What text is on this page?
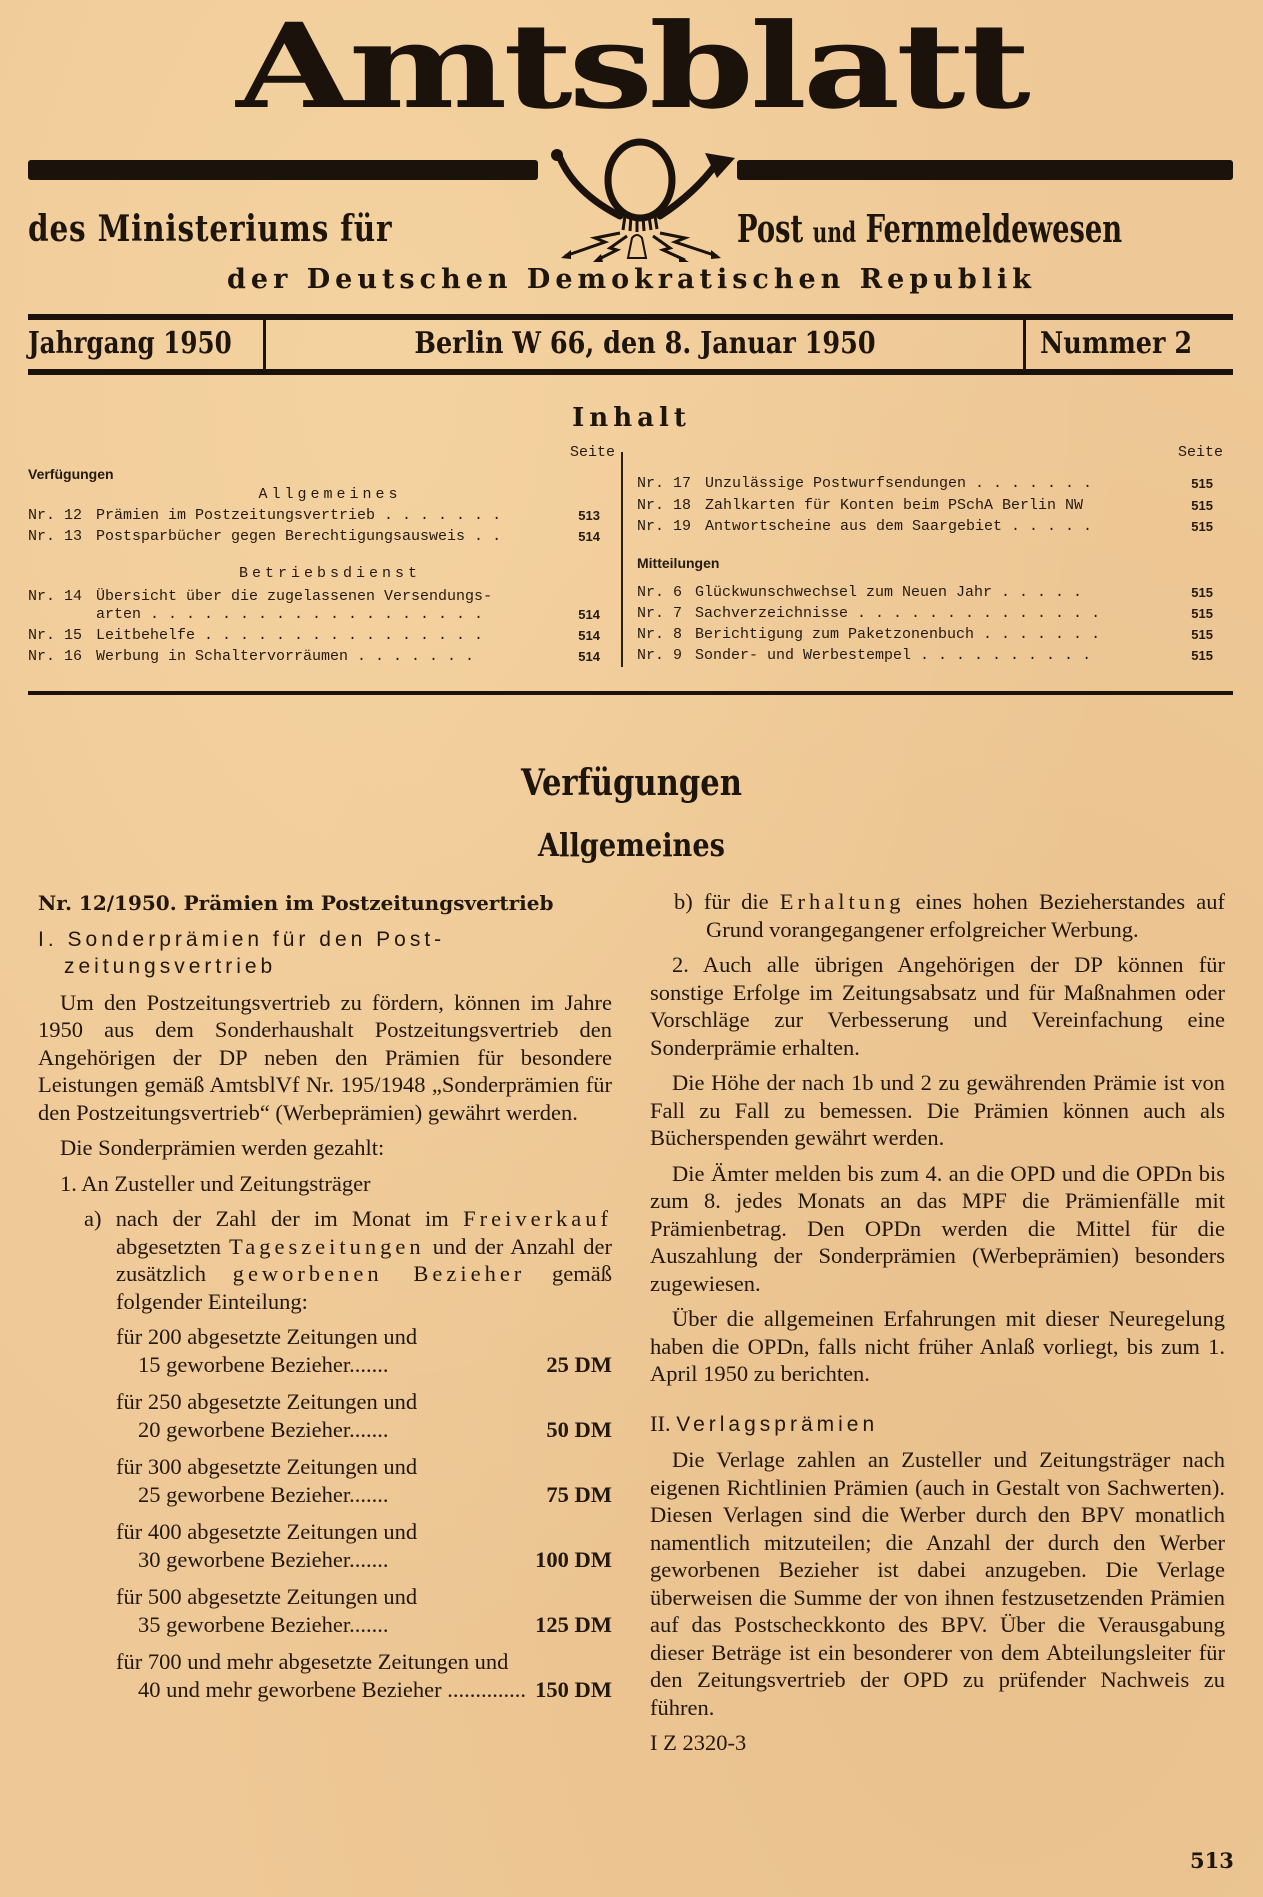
Amtsblatt
des Ministeriums für	Post und Fernmeldewesen
der Deutschen Demokratischen Republik
Jahrgang 1950	Berlin W 66, den 8. Januar 1950	Nummer 2
Inhalt
Seite	Seite
Verfügungen
Allgemeines
Nr. 12 Prämien im Postzeitungsvertrieb . . . . . . .	513
Nr. 13 Postsparbücher gegen Berechtigungsausweis . .	514
Betriebsdienst
Nr. 14 Übersicht über die zugelassenen Versendungs-
arten . . . . . . . . . . . . . . . . . . .	514
Nr. 15 Leitbehelfe . . . . . . . . . . . . . . . .	514
Nr. 16 Werbung in Schaltervorräumen . . . . . . .	514
Nr. 17 Unzulässige Postwurfsendungen . . . . . . .	515
Nr. 18 Zahlkarten für Konten beim PSchA Berlin NW	515
Nr. 19 Antwortscheine aus dem Saargebiet . . . . .	515
Mitteilungen
Nr. 6 Glückwunschwechsel zum Neuen Jahr . . . . .	515
Nr. 7 Sachverzeichnisse . . . . . . . . . . . . . .	515
Nr. 8 Berichtigung zum Paketzonenbuch . . . . . . .	515
Nr. 9 Sonder- und Werbestempel . . . . . . . . . .	515
Verfügungen
Allgemeines

Nr. 12/1950. Prämien im Postzeitungsvertrieb

I. Sonderprämien für den Post-

zeitungsvertrieb

Um den Postzeitungsvertrieb zu fördern, können im Jahre 1950 aus dem Sonderhaushalt Postzeitungsvertrieb den Angehörigen der DP neben den Prämien für besondere Leistungen gemäß AmtsblVf Nr. 195/1948 „Sonderprämien für den Postzeitungsvertrieb“ (Werbeprämien) gewährt werden.

Die Sonderprämien werden gezahlt:

1. An Zusteller und Zeitungsträger

a) nach der Zahl der im Monat im Freiverkauf abgesetzten Tageszeitungen und der Anzahl der zusätzlich geworbenen Bezieher gemäß folgender Einteilung:

für 200 abgesetzte Zeitungen und
15 geworbene Bezieher.......	25 DM
für 250 abgesetzte Zeitungen und
20 geworbene Bezieher.......	50 DM
für 300 abgesetzte Zeitungen und
25 geworbene Bezieher.......	75 DM
für 400 abgesetzte Zeitungen und
30 geworbene Bezieher.......	100 DM
für 500 abgesetzte Zeitungen und
35 geworbene Bezieher.......	125 DM
für 700 und mehr abgesetzte Zeitungen und 40 und mehr geworbene Bezieher .............. 150 DM

b) für die Erhaltung eines hohen Bezieherstandes auf Grund vorangegangener erfolgreicher Werbung.

2. Auch alle übrigen Angehörigen der DP können für sonstige Erfolge im Zeitungsabsatz und für Maßnahmen oder Vorschläge zur Verbesserung und Vereinfachung eine Sonderprämie erhalten.

Die Höhe der nach 1b und 2 zu gewährenden Prämie ist von Fall zu Fall zu bemessen. Die Prämien können auch als Bücherspenden gewährt werden.

Die Ämter melden bis zum 4. an die OPD und die OPDn bis zum 8. jedes Monats an das MPF die Prämienfälle mit Prämienbetrag. Den OPDn werden die Mittel für die Auszahlung der Sonderprämien (Werbeprämien) besonders zugewiesen.

Über die allgemeinen Erfahrungen mit dieser Neuregelung haben die OPDn, falls nicht früher Anlaß vorliegt, bis zum 1. April 1950 zu berichten.

II. Verlagsprämien

Die Verlage zahlen an Zusteller und Zeitungsträger nach eigenen Richtlinien Prämien (auch in Gestalt von Sachwerten). Diesen Verlagen sind die Werber durch den BPV monatlich namentlich mitzuteilen; die Anzahl der durch den Werber geworbenen Bezieher ist dabei anzugeben. Die Verlage überweisen die Summe der von ihnen festzusetzenden Prämien auf das Postscheckkonto des BPV. Über die Verausgabung dieser Beträge ist ein besonderer von dem Abteilungsleiter für den Zeitungsvertrieb der OPD zu prüfender Nachweis zu führen.

I Z 2320-3

513
